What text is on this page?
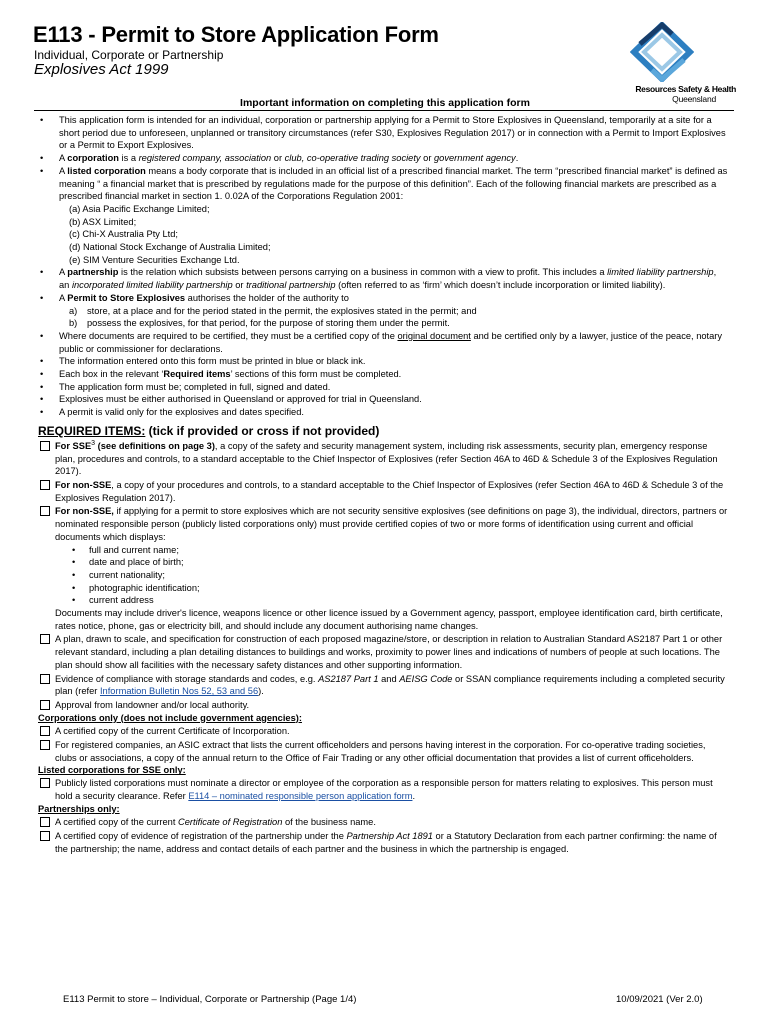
E113 - Permit to Store Application Form
Individual, Corporate or Partnership
Explosives Act 1999
Resources Safety & Health
Queensland
Important information on completing this application form
• This application form is intended for an individual, corporation or partnership applying for a Permit to Store Explosives in Queensland, temporarily at a site for a short period due to unforeseen, unplanned or transitory circumstances (refer S30, Explosives Regulation 2017) or in connection with a Permit to Import Explosives or a Permit to Export Explosives.
• A corporation is a registered company, association or club, co-operative trading society or government agency.
• A listed corporation means a body corporate that is included in an official list of a prescribed financial market. The term “prescribed financial market” is defined as meaning “ a financial market that is prescribed by regulations made for the purpose of this definition”. Each of the following financial markets are prescribed as a prescribed financial market in section 1. 0.02A of the Corporations Regulation 2001:
(a) Asia Pacific Exchange Limited;
(b) ASX Limited;
(c) Chi-X Australia Pty Ltd;
(d) National Stock Exchange of Australia Limited;
(e) SIM Venture Securities Exchange Ltd.
• A partnership is the relation which subsists between persons carrying on a business in common with a view to profit. This includes a limited liability partnership, an incorporated limited liability partnership or traditional partnership (often referred to as ‘firm’ which doesn’t include incorporation or limited liability).
• A Permit to Store Explosives authorises the holder of the authority to
a)	store, at a place and for the period stated in the permit, the explosives stated in the permit; and
b)	possess the explosives, for that period, for the purpose of storing them under the permit.
• Where documents are required to be certified, they must be a certified copy of the original document and be certified only by a lawyer, justice of the peace, notary public or commissioner for declarations.
• The information entered onto this form must be printed in blue or black ink.
• Each box in the relevant ‘Required items’ sections of this form must be completed.
• The application form must be; completed in full, signed and dated.
• Explosives must be either authorised in Queensland or approved for trial in Queensland.
• A permit is valid only for the explosives and dates specified.
REQUIRED ITEMS: (tick if provided or cross if not provided)
For SSE$^3$ (see definitions on page 3), a copy of the safety and security management system, including risk assessments, security plan, emergency response plan, procedures and controls, to a standard acceptable to the Chief Inspector of Explosives (refer Section 46A to 46D & Schedule 3 of the Explosives Regulation 2017).
For non-SSE, a copy of your procedures and controls, to a standard acceptable to the Chief Inspector of Explosives (refer Section 46A to 46D & Schedule 3 of the Explosives Regulation 2017).
For non-SSE, if applying for a permit to store explosives which are not security sensitive explosives (see definitions on page 3), the individual, directors, partners or nominated responsible person (publicly listed corporations only) must provide certified copies of two or more forms of identification using current and official documents which displays:
• full and current name;
• date and place of birth;
• current nationality;
• photographic identification;
• current address
Documents may include driver's licence, weapons licence or other licence issued by a Government agency, passport, employee identification card, birth certificate, rates notice, phone, gas or electricity bill, and should include any document authorising name changes.
A plan, drawn to scale, and specification for construction of each proposed magazine/store, or description in relation to Australian Standard AS2187 Part 1 or other relevant standard, including a plan detailing distances to buildings and works, proximity to power lines and indications of numbers of people at such locations. The plan should show all facilities with the necessary safety distances and other supporting information.
Evidence of compliance with storage standards and codes, e.g. AS2187 Part 1 and AEISG Code or SSAN compliance requirements including a completed security plan (refer Information Bulletin Nos 52, 53 and 56).
Approval from landowner and/or local authority.
Corporations only (does not include government agencies):
A certified copy of the current Certificate of Incorporation.
For registered companies, an ASIC extract that lists the current officeholders and persons having interest in the corporation. For co-operative trading societies, clubs or associations, a copy of the annual return to the Office of Fair Trading or any other official documentation that provides a list of current officeholders.
Listed corporations for SSE only:
Publicly listed corporations must nominate a director or employee of the corporation as a responsible person for matters relating to explosives. This person must hold a security clearance. Refer E114 – nominated responsible person application form.
Partnerships only:
A certified copy of the current Certificate of Registration of the business name.
A certified copy of evidence of registration of the partnership under the Partnership Act 1891 or a Statutory Declaration from each partner confirming: the name of the partnership; the name, address and contact details of each partner and the business in which the partnership is engaged.
E113 Permit to store – Individual, Corporate or Partnership (Page 1/4)	10/09/2021 (Ver 2.0)
